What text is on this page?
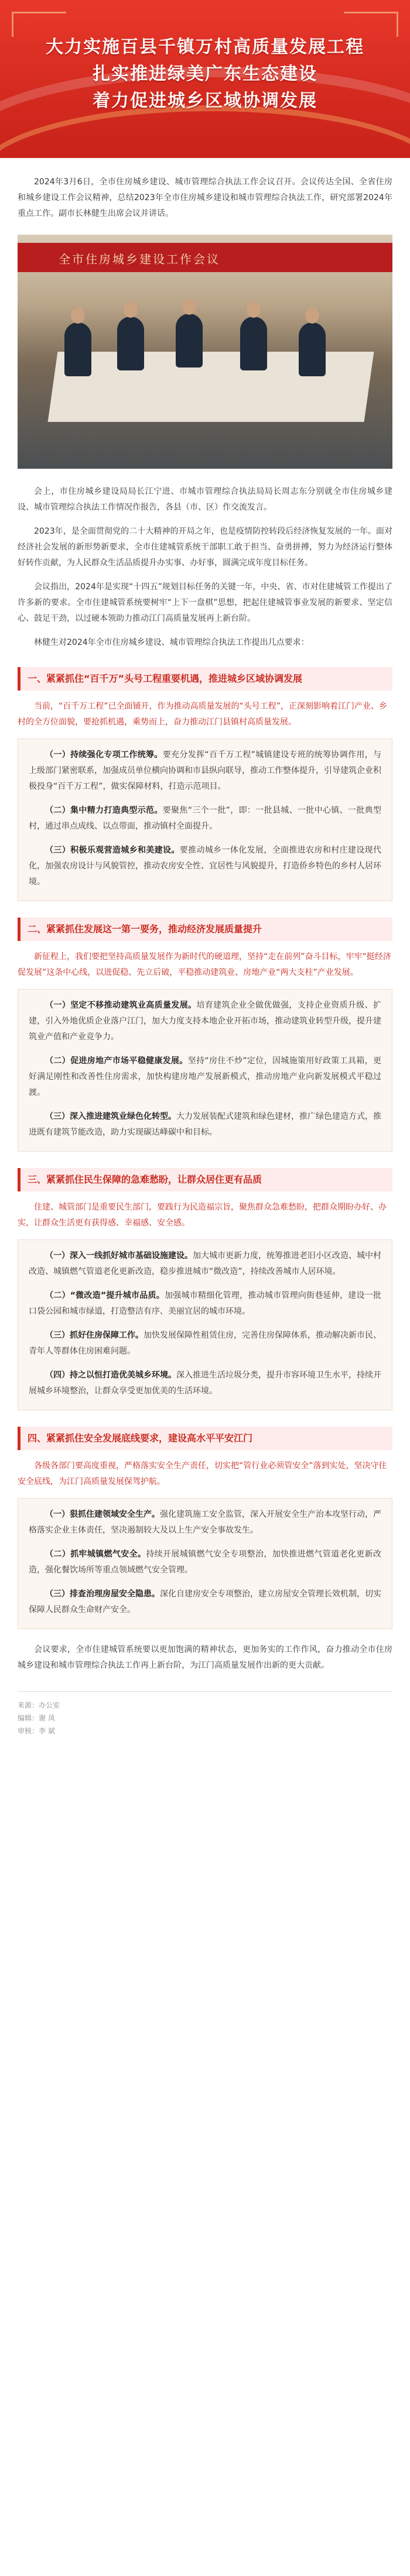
大力实施百县千镇万村高质量发展工程
扎实推进绿美广东生态建设
着力促进城乡区域协调发展

2024年3月6日，全市住房城乡建设、城市管理综合执法工作会议召开。会议传达全国、全省住房和城乡建设工作会议精神，总结2023年全市住房城乡建设和城市管理综合执法工作，研究部署2024年重点工作。副市长林健生出席会议并讲话。

全市住房城乡建设工作会议

会上，市住房城乡建设局局长江宁进、市城市管理综合执法局局长周志东分别就全市住房城乡建设、城市管理综合执法工作情况作报告，各县（市、区）作交流发言。

2023年，是全面贯彻党的二十大精神的开局之年，也是疫情防控转段后经济恢复发展的一年。面对经济社会发展的新形势新要求，全市住建城管系统干部职工敢于担当、奋勇拼搏，努力为经济运行整体好转作贡献，为人民群众生活品质提升办实事、办好事，圆满完成年度目标任务。

会议指出，2024年是实现“十四五”规划目标任务的关键一年，中央、省、市对住建城管工作提出了许多新的要求。全市住建城管系统要树牢“上下一盘棋”思想，把起住建城管事业发展的新要求、坚定信心、鼓足干劲，以过硬本领助力推动江门高质量发展再上新台阶。

林健生对2024年全市住房城乡建设、城市管理综合执法工作提出几点要求：

一、紧紧抓住“百千万”头号工程重要机遇，推进城乡区域协调发展

当前，“百千万工程”已全面铺开，作为推动高质量发展的“头号工程”，正深刻影响着江门产业、乡村的全方位面貌，要抢抓机遇，乘势而上，奋力推动江门县镇村高质量发展。

（一）持续强化专项工作统筹。要充分发挥“百千万工程”城镇建设专班的统筹协调作用，与上级部门紧密联系，加强成员单位横向协调和市县纵向联导，推动工作整体提升，引导建筑企业积极投身“百千万工程”，做实保障材料，打造示范项目。

（二）集中精力打造典型示范。要聚焦“三个一批”，即：一批县城、一批中心镇、一批典型村，通过串点成线、以点带面，推动镇村全面提升。

（三）积极乐观营造城乡和美建设。要推动城乡一体化发展，全面推进农房和村庄建设现代化，加强农房设计与风貌管控，推动农房安全性、宜居性与风貌提升，打造侨乡特色的乡村人居环境。

二、紧紧抓住发展这一第一要务，推动经济发展质量提升

新征程上，我们要把坚持高质量发展作为新时代的硬道理，坚持“走在前列”奋斗目标，牢牢“挺经济 促发展”这条中心线，以进促稳、先立后破，平稳推动建筑业、房地产业“两大支柱”产业发展。

（一）坚定不移推动建筑业高质量发展。培育建筑企业全做优做强，支持企业资质升级、扩建，引入外地优质企业落户江门，加大力度支持本地企业开拓市场，推动建筑业转型升级，提升建筑业产值和产业竞争力。

（二）促进房地产市场平稳健康发展。坚持“房住不炒”定位，因城施策用好政策工具箱，更好满足刚性和改善性住房需求，加快构建房地产发展新模式，推动房地产业向新发展模式平稳过渡。

（三）深入推进建筑业绿色化转型。大力发展装配式建筑和绿色建材，推广绿色建造方式，推进既有建筑节能改造，助力实现碳达峰碳中和目标。

三、紧紧抓住民生保障的急难愁盼，让群众居住更有品质

住建、城管部门是重要民生部门，要践行为民造福宗旨，聚焦群众急难愁盼，把群众期盼办好、办实，让群众生活更有获得感、幸福感、安全感。

（一）深入一线抓好城市基础设施建设。加大城市更新力度，统筹推进老旧小区改造、城中村改造、城镇燃气管道老化更新改造，稳步推进城市“微改造”，持续改善城市人居环境。

（二）“微改造”提升城市品质。加强城市精细化管理，推动城市管理向街巷延伸，建设一批口袋公园和城市绿道，打造整洁有序、美丽宜居的城市环境。

（三）抓好住房保障工作。加快发展保障性租赁住房，完善住房保障体系，推动解决新市民、青年人等群体住房困难问题。

（四）持之以恒打造优美城乡环境。深入推进生活垃圾分类，提升市容环境卫生水平，持续开展城乡环境整治，让群众享受更加优美的生活环境。

四、紧紧抓住安全发展底线要求，建设高水平平安江门

各级各部门要高度重视，严格落实安全生产责任，切实把“管行业必须管安全”落到实处，坚决守住安全底线，为江门高质量发展保驾护航。

（一）狠抓住建领域安全生产。强化建筑施工安全监管，深入开展安全生产治本攻坚行动，严格落实企业主体责任，坚决遏制较大及以上生产安全事故发生。

（二）抓牢城镇燃气安全。持续开展城镇燃气安全专项整治，加快推进燃气管道老化更新改造，强化餐饮场所等重点领域燃气安全管理。

（三）排查治理房屋安全隐患。深化自建房安全专项整治，建立房屋安全管理长效机制，切实保障人民群众生命财产安全。

会议要求，全市住建城管系统要以更加饱满的精神状态，更加务实的工作作风，奋力推动全市住房城乡建设和城市管理综合执法工作再上新台阶，为江门高质量发展作出新的更大贡献。

来源：办公室
编辑：谢 凤
审核：李 斌
